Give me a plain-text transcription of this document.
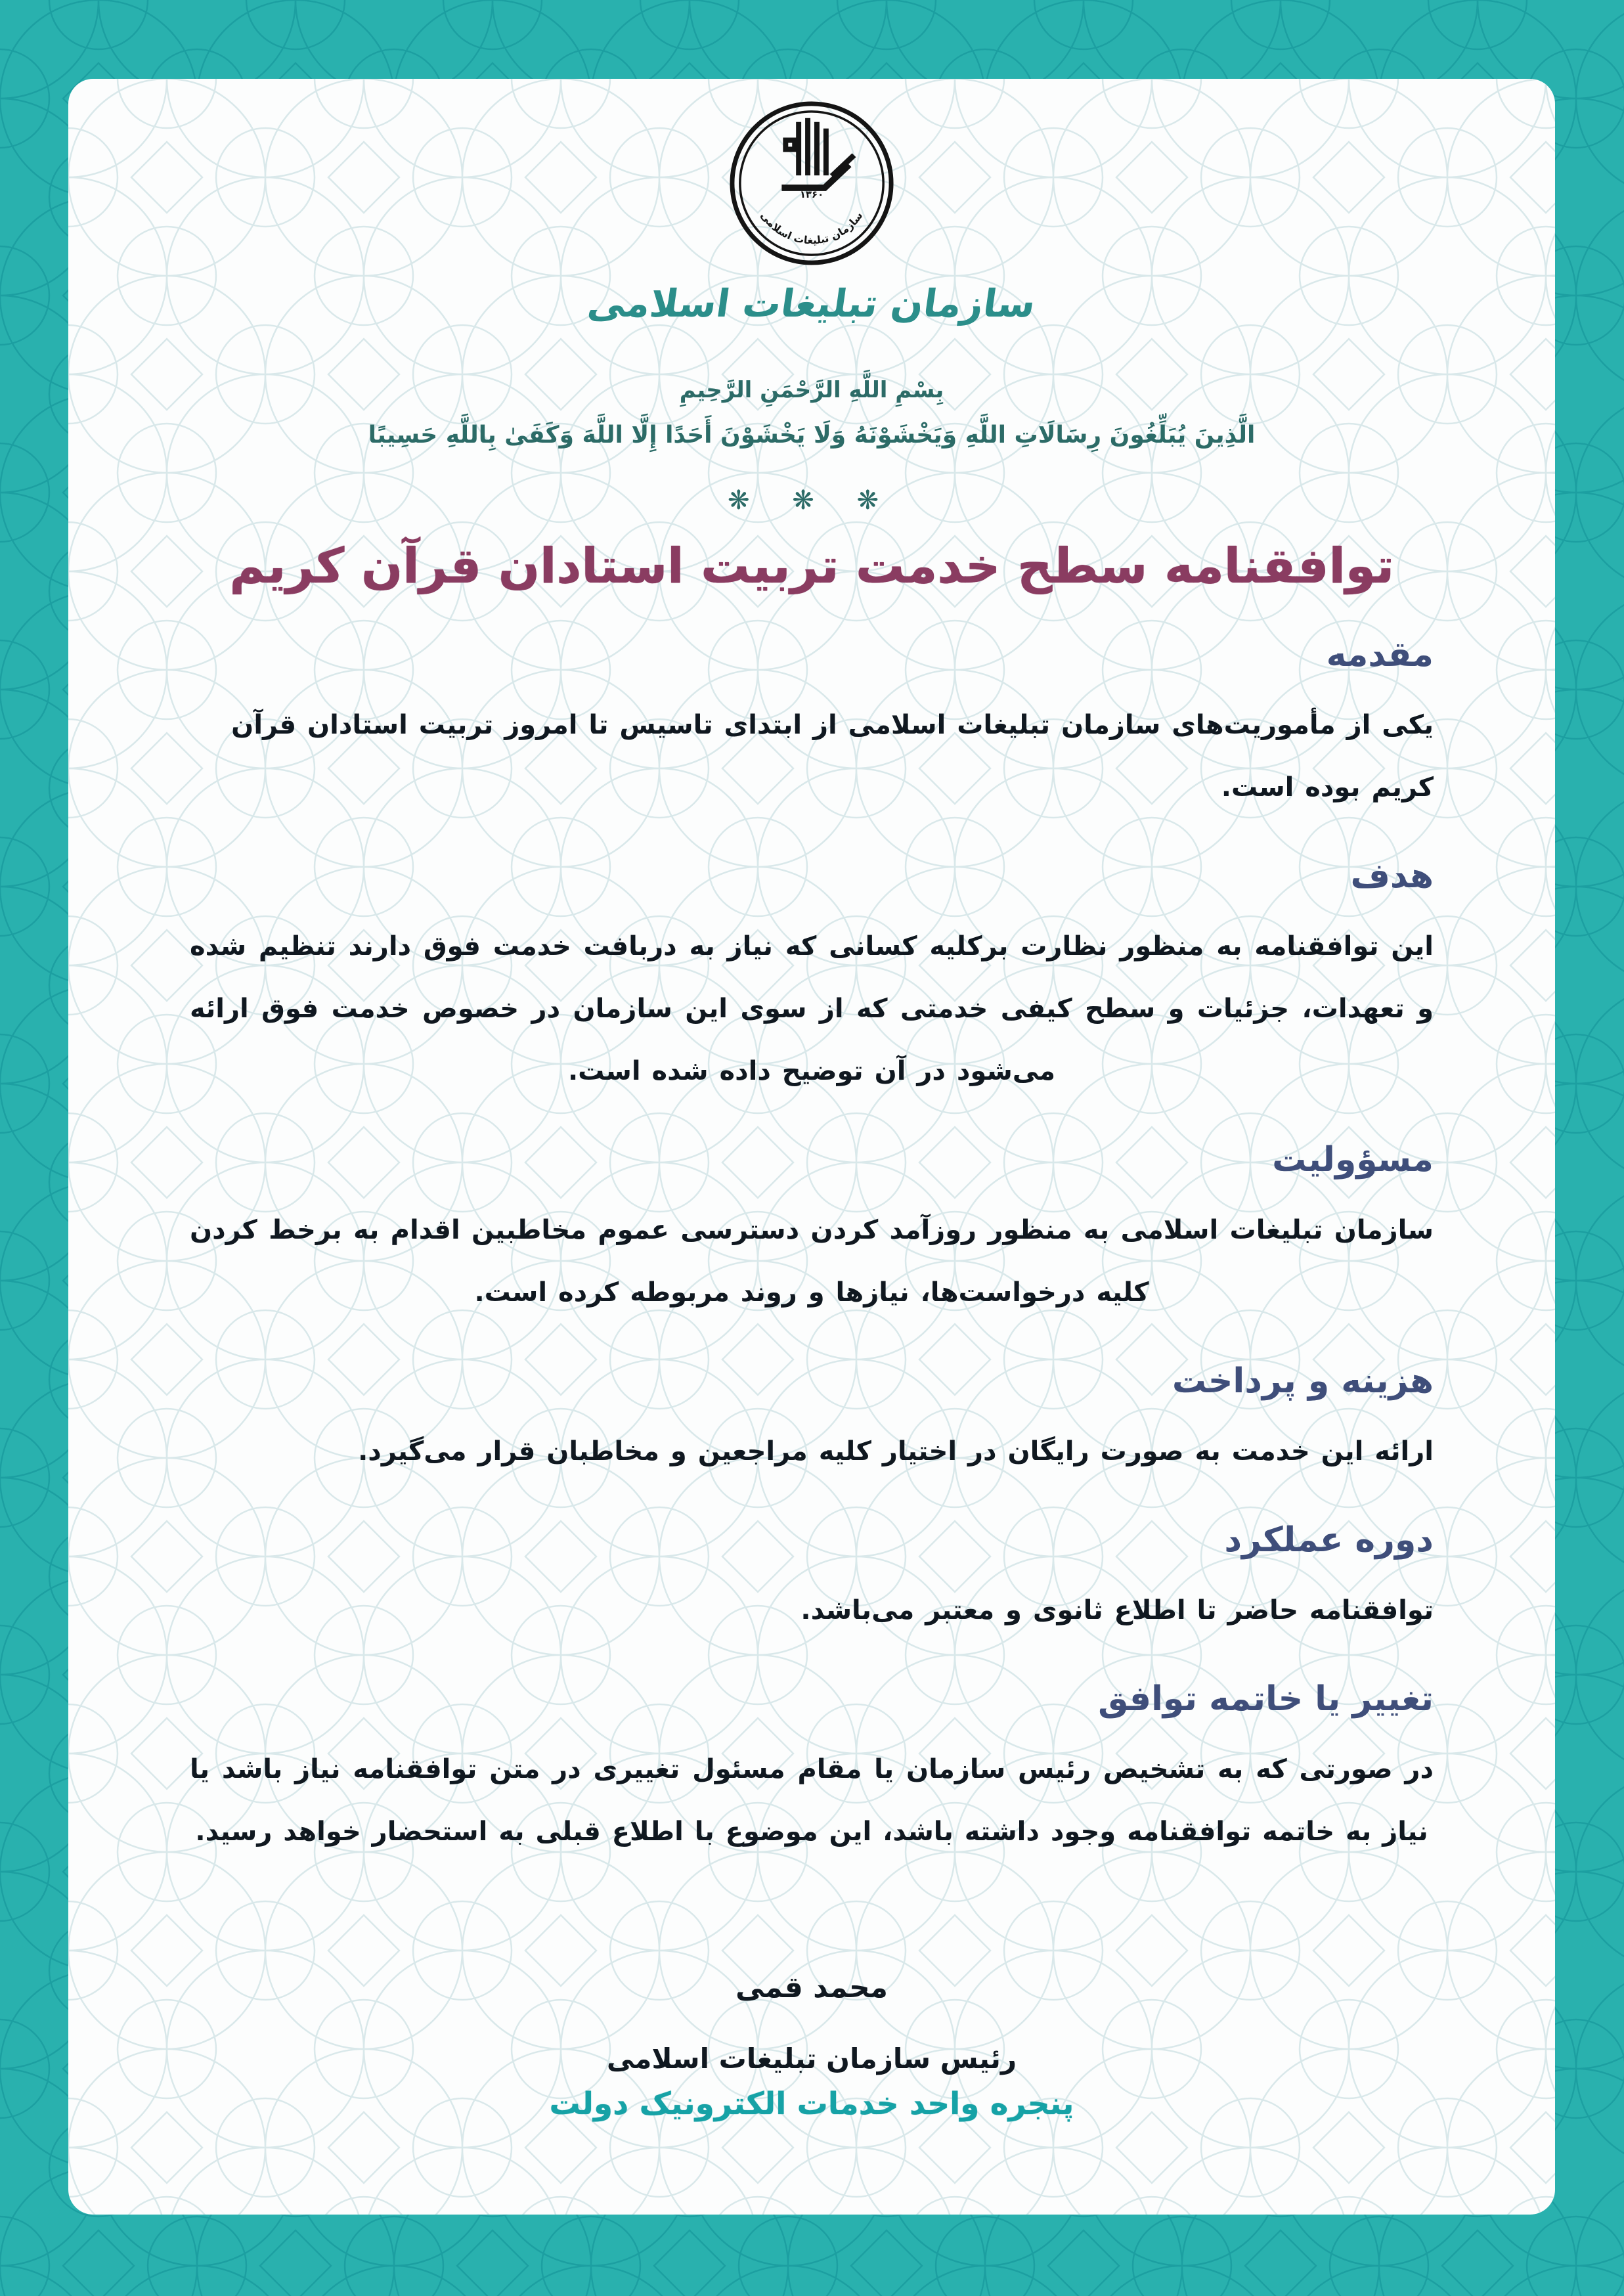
۱۳۶۰
سازمان تبلیغات اسلامی
سازمان تبلیغات اسلامی
بِسْمِ اللَّهِ الرَّحْمَنِ الرَّحِيمِ
الَّذِينَ يُبَلِّغُونَ رِسَالَاتِ اللَّهِ وَيَخْشَوْنَهُ وَلَا يَخْشَوْنَ أَحَدًا إِلَّا اللَّهَ وَكَفَىٰ بِاللَّهِ حَسِيبًا
❋ ❋ ❋
توافقنامه سطح خدمت تربیت استادان قرآن کریم
مقدمه

یکی از مأموریت‌های سازمان تبلیغات اسلامی از ابتدای تاسیس تا امروز تربیت استادان قرآن کریم بوده است.

هدف

این توافقنامه به منظور نظارت برکلیه کسانی که نیاز به دربافت خدمت فوق دارند تنظیم شده و تعهدات، جزئیات و سطح کیفی خدمتی که از سوی این سازمان در خصوص خدمت فوق ارائه می‌شود در آن توضیح داده شده است.

مسؤولیت

سازمان تبلیغات اسلامی به منظور روزآمد کردن دسترسی عموم مخاطبین اقدام به برخط کردن کلیه درخواست‌ها، نیازها و روند مربوطه کرده است.

هزینه و پرداخت

ارائه این خدمت به صورت رایگان در اختیار کلیه مراجعین و مخاطبان قرار می‌گیرد.

دوره عملکرد

توافقنامه حاضر تا اطلاع ثانوی و معتبر می‌باشد.

تغییر یا خاتمه توافق

در صورتی که به تشخیص رئیس سازمان یا مقام مسئول تغییری در متن توافقنامه نیاز باشد یا نیاز به خاتمه توافقنامه وجود داشته باشد، این موضوع با اطلاع قبلی به استحضار خواهد رسید.

محمد قمی
رئیس سازمان تبلیغات اسلامی
پنجره واحد خدمات الکترونیک دولت
